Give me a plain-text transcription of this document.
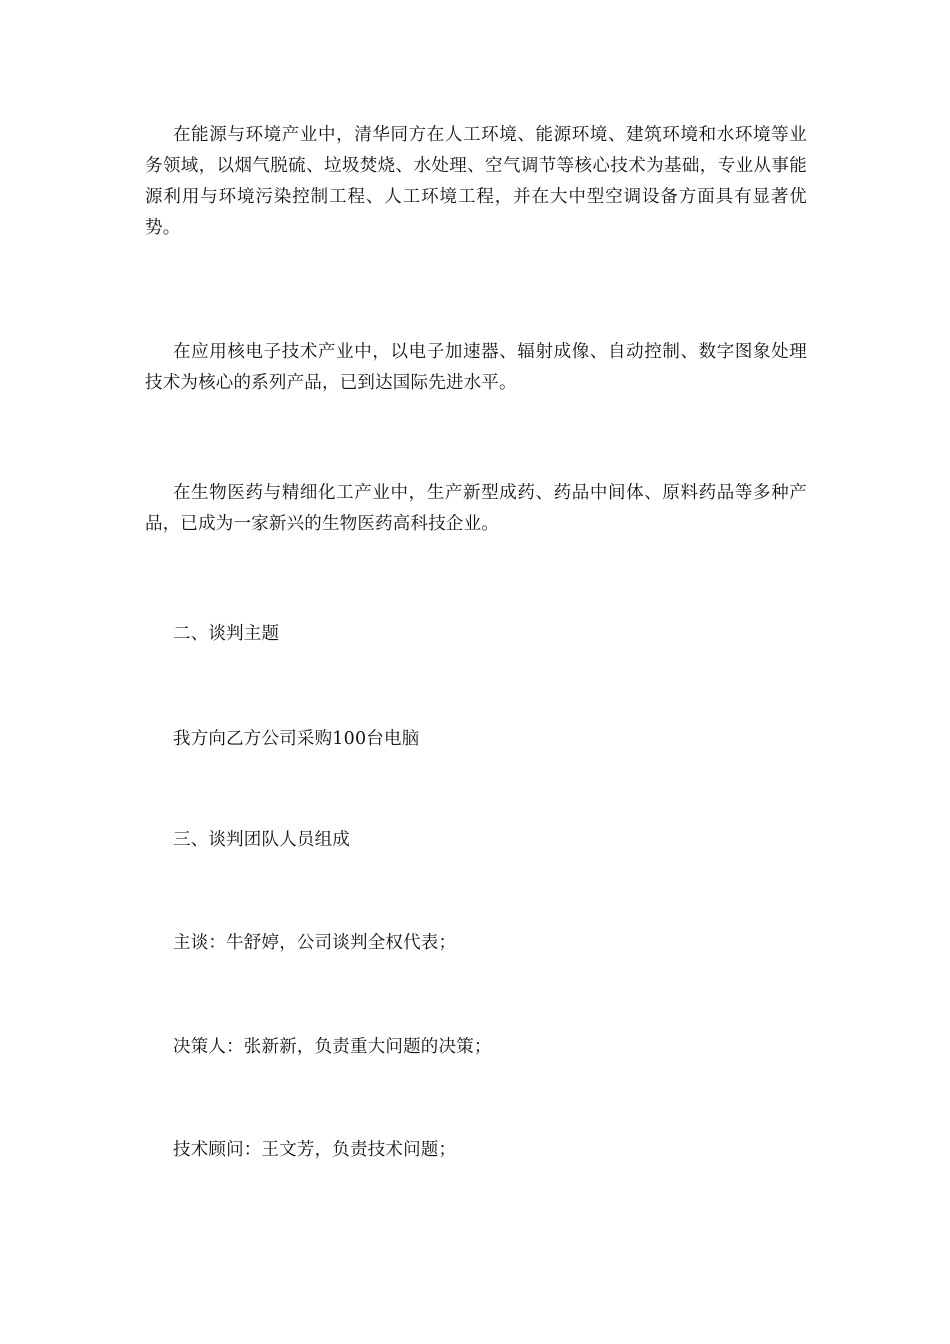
在能源与环境产业中，清华同方在人工环境、能源环境、建筑环境和水环境等业务领域，以烟气脱硫、垃圾焚烧、水处理、空气调节等核心技术为基础，专业从事能源利用与环境污染控制工程、人工环境工程，并在大中型空调设备方面具有显著优势。

在应用核电子技术产业中，以电子加速器、辐射成像、自动控制、数字图象处理技术为核心的系列产品，已到达国际先进水平。

在生物医药与精细化工产业中，生产新型成药、药品中间体、原料药品等多种产品，已成为一家新兴的生物医药高科技企业。

二、谈判主题

我方向乙方公司采购100台电脑

三、谈判团队人员组成

主谈：牛舒婷，公司谈判全权代表；

决策人：张新新，负责重大问题的决策；

技术顾问：王文芳，负责技术问题；
